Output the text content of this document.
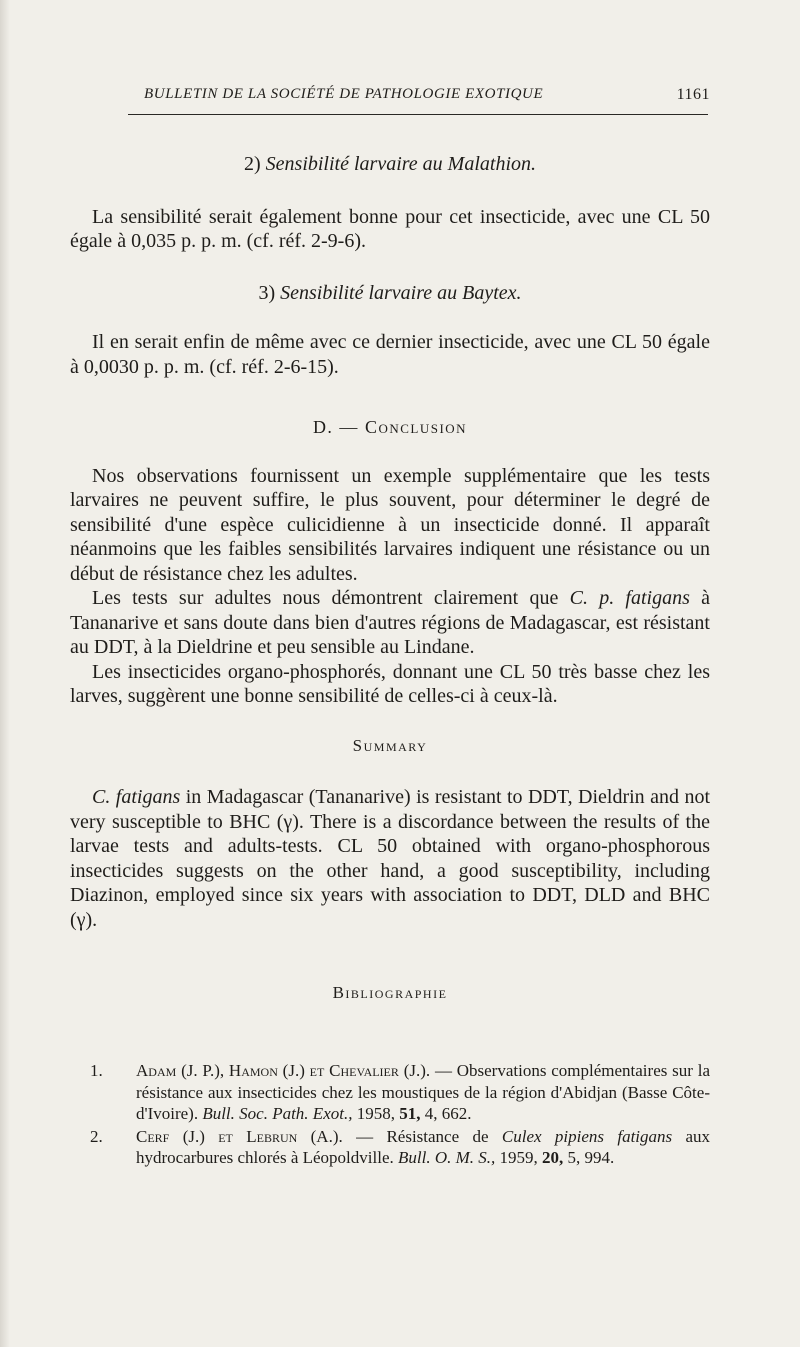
BULLETIN DE LA SOCIÉTÉ DE PATHOLOGIE EXOTIQUE	1161
2) Sensibilité larvaire au Malathion.

La sensibilité serait également bonne pour cet insecticide, avec une CL 50 égale à 0,035 p. p. m. (cf. réf. 2-9-6).

3) Sensibilité larvaire au Baytex.

Il en serait enfin de même avec ce dernier insecticide, avec une CL 50 égale à 0,0030 p. p. m. (cf. réf. 2-6-15).

D. — Conclusion

Nos observations fournissent un exemple supplémentaire que les tests larvaires ne peuvent suffire, le plus souvent, pour déterminer le degré de sensibilité d'une espèce culicidienne à un insecticide donné. Il apparaît néanmoins que les faibles sensibilités larvaires indiquent une résistance ou un début de résistance chez les adultes.

Les tests sur adultes nous démontrent clairement que C. p. fatigans à Tananarive et sans doute dans bien d'autres régions de Madagascar, est résistant au DDT, à la Dieldrine et peu sensible au Lindane.

Les insecticides organo-phosphorés, donnant une CL 50 très basse chez les larves, suggèrent une bonne sensibilité de celles-ci à ceux-là.

Summary

C. fatigans in Madagascar (Tananarive) is resistant to DDT, Dieldrin and not very susceptible to BHC (γ). There is a discordance between the results of the larvae tests and adults-tests. CL 50 obtained with organo-phosphorous insecticides suggests on the other hand, a good susceptibility, including Diazinon, employed since six years with association to DDT, DLD and BHC (γ).

Bibliographie
1. Adam (J. P.), Hamon (J.) et Chevalier (J.). — Observations complémentaires sur la résistance aux insecticides chez les moustiques de la région d'Abidjan (Basse Côte-d'Ivoire). Bull. Soc. Path. Exot., 1958, 51, 4, 662.
2. Cerf (J.) et Lebrun (A.). — Résistance de Culex pipiens fatigans aux hydrocarbures chlorés à Léopoldville. Bull. O. M. S., 1959, 20, 5, 994.
